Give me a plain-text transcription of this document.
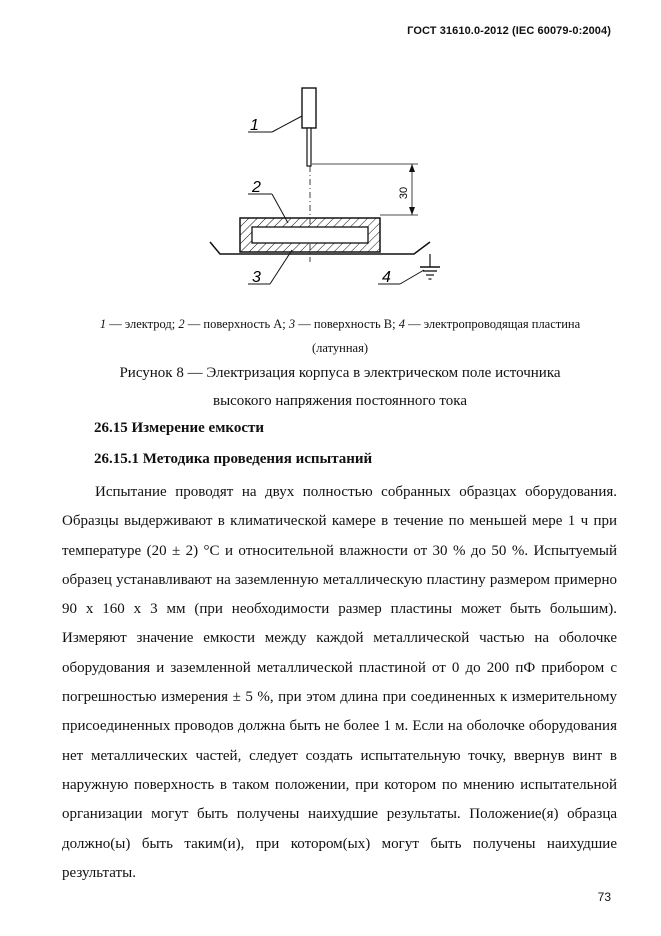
ГОСТ 31610.0-2012 (IEC 60079-0:2004)
30
1
2
3	4
1 — электрод; 2 — поверхность А; 3 — поверхность В; 4 — электропроводящая пластина
(латунная)
Рисунок 8 — Электризация корпуса в электрическом поле источника
высокого напряжения постоянного тока
26.15 Измерение емкости
26.15.1 Методика проведения испытаний

Испытание проводят на двух полностью собранных образцах оборудования. Образцы выдерживают в климатической камере в течение по меньшей мере 1 ч при температуре (20 ± 2) °С и относительной влажности от 30 % до 50 %. Испытуемый образец устанавливают на заземленную металлическую пластину размером примерно 90 х 160 х 3 мм (при необходимости размер пластины может быть большим). Измеряют значение емкости между каждой металлической частью на оболочке оборудования и заземленной металлической пластиной от 0 до 200 пФ прибором с погрешностью измерения ± 5 %, при этом длина при соединенных к измерительному присоединенных проводов должна быть не более 1 м. Если на оболочке оборудования нет металлических частей, следует создать испытательную точку, ввернув винт в наружную поверхность в таком положении, при котором по мнению испытательной организации могут быть получены наихудшие результаты. Положение(я) образца должно(ы) быть таким(и), при котором(ых) могут быть получены наихудшие результаты.

73
